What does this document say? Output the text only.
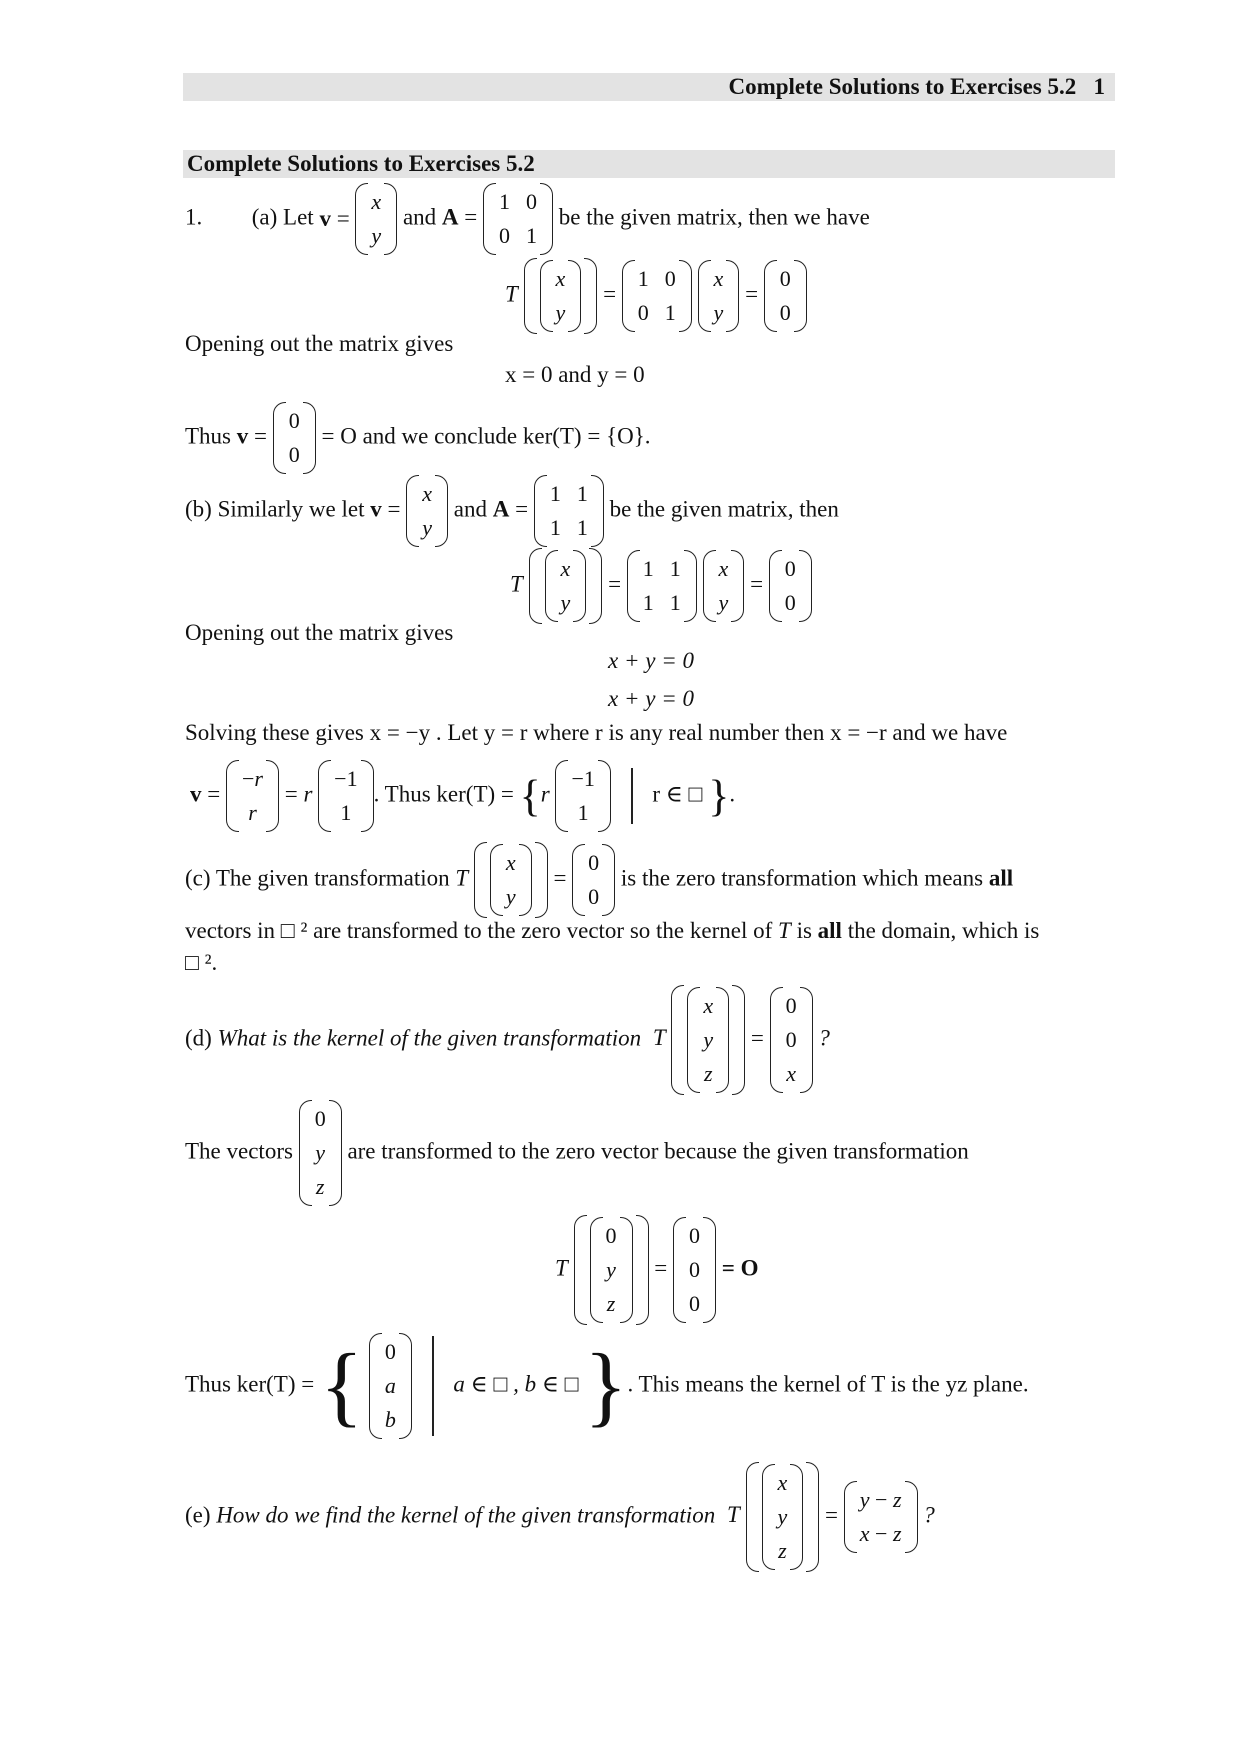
Complete Solutions to Exercises 5.2 1
Complete Solutions to Exercises 5.2
1. (a) Let v =
x
y
and A =
1 0
0 1
be the given matrix, then we have
T
x
y
=
1 0
0 1

x
y
=
0
0
Opening out the matrix gives
x = 0 and y = 0
Thus v =
0
0
= O and we conclude ker(T) = {O}.
(b) Similarly we let v =
x
y
and A =
1 1
1 1
be the given matrix, then
T
x
y
=
1 1
1 1

x
y
=
0
0
Opening out the matrix gives
x + y = 0
x + y = 0
Solving these gives x = −y . Let y = r where r is any real number then x = −r and we have
v =
−r
r
= r
−1
1
. Thus ker(T) = {r
−1
1
r ∈ □ }.
(c) The given transformation T
x
y
=
0
0
is the zero transformation which means all
vectors in □ ² are transformed to the zero vector so the kernel of T is all the domain, which is
□ ².
(d) What is the kernel of the given transformation T
x
y
z
=
0
0
x
?
The vectors
0
y
z
are transformed to the zero vector because the given transformation
T
0
y
z
=
0
0
0
= O
Thus ker(T) = { 0
a
b
a ∈ □ , b ∈ □ }. This means the kernel of T is the yz plane.
(e) How do we find the kernel of the given transformation T
x
y
z
=
y − z
x − z
?
